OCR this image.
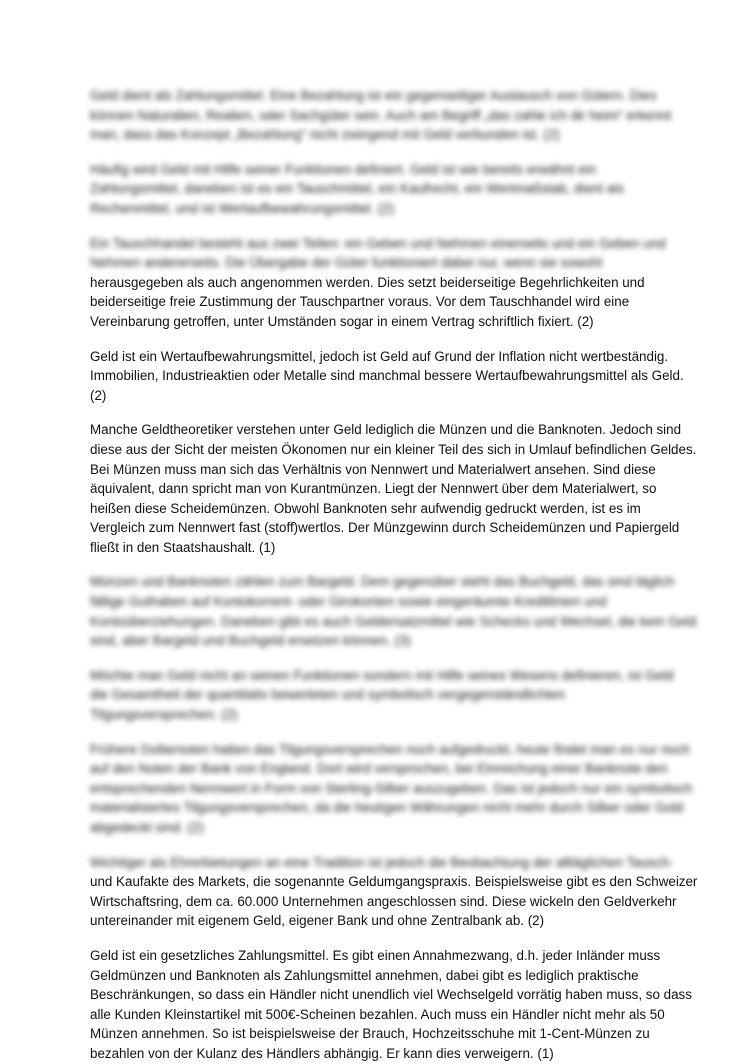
Geld dient als Zahlungsmittel. Eine Bezahlung ist ein gegenseitiger Austausch von Gütern. Dies
können Naturalien, Realien, oder Sachgüter sein. Auch am Begriff „das zahle ich dir heim“ erkennt
man, dass das Konzept „Bezahlung“ nicht zwingend mit Geld verbunden ist. (2)

Häufig wird Geld mit Hilfe seiner Funktionen definiert. Geld ist wie bereits erwähnt ein
Zahlungsmittel, daneben ist es ein Tauschmittel, ein Kaufrecht, ein Wertmaßstab, dient als
Rechenmittel, und ist Wertaufbewahrungsmittel. (2)

Ein Tauschhandel besteht aus zwei Teilen: ein Geben und Nehmen einerseits und ein Geben und
Nehmen andererseits. Die Übergabe der Güter funktioniert dabei nur, wenn sie sowohl
herausgegeben als auch angenommen werden. Dies setzt beiderseitige Begehrlichkeiten und
beiderseitige freie Zustimmung der Tauschpartner voraus. Vor dem Tauschhandel wird eine
Vereinbarung getroffen, unter Umständen sogar in einem Vertrag schriftlich fixiert. (2)

Geld ist ein Wertaufbewahrungsmittel, jedoch ist Geld auf Grund der Inflation nicht wertbeständig.
Immobilien, Industrieaktien oder Metalle sind manchmal bessere Wertaufbewahrungsmittel als Geld.
(2)

Manche Geldtheoretiker verstehen unter Geld lediglich die Münzen und die Banknoten. Jedoch sind
diese aus der Sicht der meisten Ökonomen nur ein kleiner Teil des sich in Umlauf befindlichen Geldes.
Bei Münzen muss man sich das Verhältnis von Nennwert und Materialwert ansehen. Sind diese
äquivalent, dann spricht man von Kurantmünzen. Liegt der Nennwert über dem Materialwert, so
heißen diese Scheidemünzen. Obwohl Banknoten sehr aufwendig gedruckt werden, ist es im
Vergleich zum Nennwert fast (stoff)wertlos. Der Münzgewinn durch Scheidemünzen und Papiergeld
fließt in den Staatshaushalt. (1)

Münzen und Banknoten zählen zum Bargeld. Dem gegenüber steht das Buchgeld, das sind täglich
fällige Guthaben auf Kontokorrent- oder Girokonten sowie eingeräumte Kreditlinien und
Kontoüberziehungen. Daneben gibt es auch Geldersatzmittel wie Schecks und Wechsel, die kein Geld
sind, aber Bargeld und Buchgeld ersetzen können. (3)

Möchte man Geld nicht an seinen Funktionen sondern mit Hilfe seines Wesens definieren, ist Geld
die Gesamtheit der quantitativ bewerteten und symbolisch vergegenständlichten
Tilgungsversprechen. (2)

Frühere Dollarnoten hatten das Tilgungsversprechen noch aufgedruckt, heute findet man es nur noch
auf den Noten der Bank von England. Dort wird versprochen, bei Einreichung einer Banknote den
entsprechenden Nennwert in Form von Sterling-Silber auszugeben. Das ist jedoch nur ein symbolisch
materialisiertes Tilgungsversprechen, da die heutigen Währungen nicht mehr durch Silber oder Gold
abgedeckt sind. (2)

Wichtiger als Ehrerbietungen an eine Tradition ist jedoch die Beobachtung der alltäglichen Tausch-
und Kaufakte des Markets, die sogenannte Geldumgangspraxis. Beispielsweise gibt es den Schweizer
Wirtschaftsring, dem ca. 60.000 Unternehmen angeschlossen sind. Diese wickeln den Geldverkehr
untereinander mit eigenem Geld, eigener Bank und ohne Zentralbank ab. (2)

Geld ist ein gesetzliches Zahlungsmittel. Es gibt einen Annahmezwang, d.h. jeder Inländer muss
Geldmünzen und Banknoten als Zahlungsmittel annehmen, dabei gibt es lediglich praktische
Beschränkungen, so dass ein Händler nicht unendlich viel Wechselgeld vorrätig haben muss, so dass
alle Kunden Kleinstartikel mit 500€-Scheinen bezahlen. Auch muss ein Händler nicht mehr als 50
Münzen annehmen. So ist beispielsweise der Brauch, Hochzeitsschuhe mit 1-Cent-Münzen zu
bezahlen von der Kulanz des Händlers abhängig. Er kann dies verweigern. (1)
